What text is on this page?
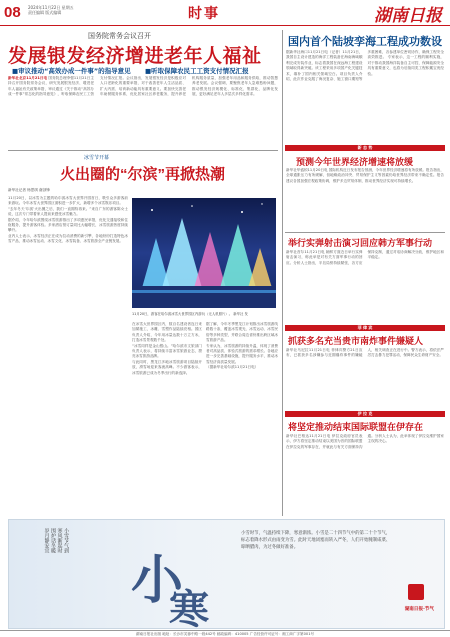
08 2024年11月22日 星期五
责任编辑 版式编辑	时事	湖南日报
国务院常务会议召开
发展银发经济增进老年人福祉
■审议推动“高效办成一件事”的指导意见 ■听取保障农民工工资支付情况汇报
新华社北京11月21日电 国务院总理李强11月21日主持召开国务院常务会议，研究发展银发经济、增进老年人福祉有关政策举措，审议通过《关于推动“高效办成一件事”常态化的指导意见》，听取保障农民工工资支付情况汇报。会议指出，发展银发经济是积极应对人口老龄化的重要举措，对于改善老年人生活品质、扩大内需、培育新动能具有重要意义。要加快完善老年助餐服务体系，优化居家社区养老服务，提升养老机构服务质量，加强老年用品和服务供给，推动智慧养老发展。会议强调，要聚焦老年人急难愁盼问题，推动银发经济规模化、标准化、集群化、品牌化发展，更好满足老年人多层次多样化需求。
冰雪节开幕
火出圈的“尔滨”再掀热潮
新华社记者 杨思琪 谢剑锋
11月20日，以冰雪为主题的哈尔滨冰雪大世界开园首日，吸引众多游客前来游玩。今年冰雪大世界园区面积进一步扩大，新增多个冰雪娱乐项目。
“去年冬天‘尔滨’火出圈之后，我们一直期待再来。”来自广东的游客陈女士说，这次专门带着家人提前来感受冰雪魅力。
据介绍，今年哈尔滨围绕冰雪旅游推出了多项惠民举措，优化交通接驳和住宿服务，提升游客体验。多家酒店预订量同比大幅增长，冰雪旅游热度持续攀升。
业内人士表示，冰雪经济正在成为拉动消费的新引擎，各地纷纷打造特色冰雪产品，推动冰雪运动、冰雪文化、冰雪装备、冰雪旅游全产业链发展。
11月20日，游客在哈尔滨冰雪大世界园区内游玩（无人机照片）。 新华社 发
在冰雪大世界园区内，数百名建设者连日来加紧施工，冰雕、雪塑作品陆续亮相。园区负责人介绍，今年用冰量达数十万立方米，打造冰雪景观数千处。
“冰雪同样是金山银山。”哈尔滨市文旅部门负责人表示，将持续丰富冰雪旅游业态，擦亮冰雪旅游品牌。
与此同时，黑龙江多地冰雪旅游项目陆续开放，滑雪场迎来客流高峰。不少游客表示，冰雪旅游已成为冬季出行的新选择。
据了解，今年冬季黑龙江计划推出冰雪旅游线路数十条，覆盖冰雪观光、冰雪运动、冰雪民俗等多种类型，并联合周边省份推出跨区域冰雪旅游产品。
专家认为，冰雪旅游的持续升温，体现了消费者对高品质、体验式旅游的需求增长。各地应进一步完善基础设施，提升服务水平，推动冰雪经济高质量发展。
（据新华社哈尔滨11月21日电）
国内首个陆坡孪海工程成功数设
据新华社海口11月21日电（记者）11月21日，我国自主设计建造的海洋工程装备在海南海域顺利完成安装作业，标志着我国在深远海工程建设领域取得新突破。该工程采用多项国产化关键技术，填补了国内相关领域空白。项目负责人介绍，此次作业克服了海况复杂、施工窗口期短等多重困难，各参建单位密切协作，确保工程安全高效推进。 专家表示，这一工程的顺利实施，对于推动我国海洋装备自主可控、保障能源安全具有重要意义，也将为后续同类工程积累宝贵经验。
新 态 势
预测今年世界经济增速将放缓
新华社华盛顿11月20日电 国际机构近日发布报告预测，今年世界经济增速将有所放缓。报告指出，全球通胀压力有所缓解，但地缘政治冲突、贸易保护主义等因素仍给世界经济带来不确定性。报告建议各国加强宏观政策协调，维护多边贸易体制，推动世界经济实现可持续增长。
举行实弹射击演习回应韩方军事行动
新华社首尔11月21日电 朝鲜方面近日举行实弹射击演习，称此举是对有关方面军事行动的回应。分析人士指出，半岛局势持续紧张，各方应保持克制，通过对话协商解决分歧，维护地区和平稳定。
菲 律 宾
抓获多名充当贵市南炸事件嫌疑人
新华社马尼拉11月21日电 菲律宾警方21日宣布，已抓获多名涉嫌参与近期爆炸事件的嫌疑人，相关调查正在进行中。警方表示，将依法严厉打击暴力犯罪活动，保障民众生命财产安全。
伊 拉 克
将坚定推动结束国际联盟在伊存在
新华社巴格达11月21日电 伊拉克政府官员表示，伊方将坚定推动结束以美国为首的国际联盟在伊拉克的军事存在，并就此与有关方面保持沟通。分析人士认为，此举体现了伊拉克维护国家主权的决心。
小雪节气到
寒风渐起时
围炉话冬暖
岁月静安宜
小
寒
小雪时节，气温持续下降，寒意渐浓。小雪是二十四节气中的第二十个节气，标志着降水形式由雨变为雪。此时天地闭塞而转入严冬，人们开始腌制咸菜、晾晒腊肉，为过冬做好准备。
湖南日报·节气
湖南日报社出版 地址：长沙市芙蓉中路一段442号 邮政编码：410005 广告经营许可证号：湘工商广字第001号
